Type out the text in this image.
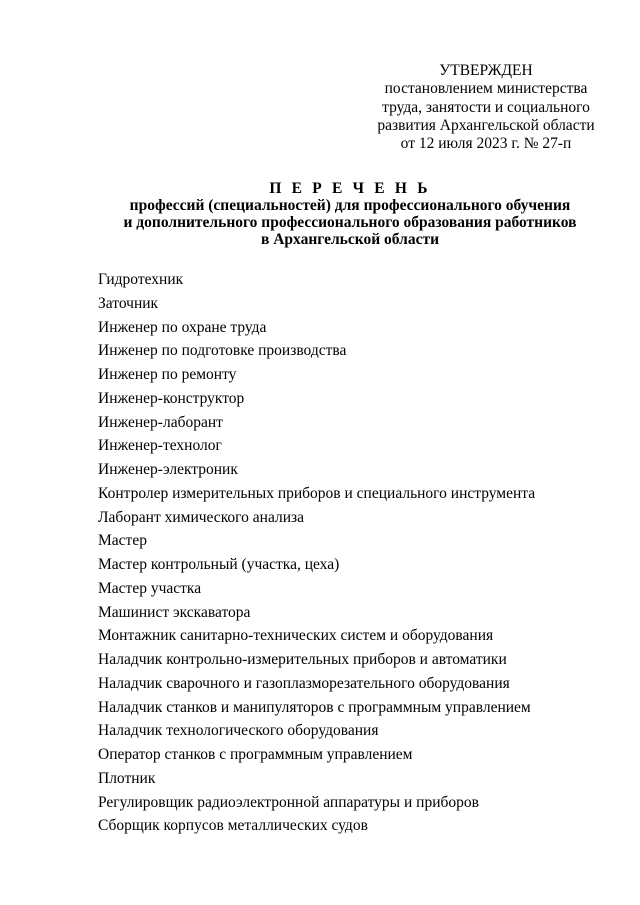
УТВЕРЖДЕН
постановлением министерства
труда, занятости и социального
развития Архангельской области
от 12 июля 2023 г. № 27-п
П Е Р Е Ч Е Н Ь
профессий (специальностей) для профессионального обучения
и дополнительного профессионального образования работников
в Архангельской области
Гидротехник
Заточник
Инженер по охране труда
Инженер по подготовке производства
Инженер по ремонту
Инженер-конструктор
Инженер-лаборант
Инженер-технолог
Инженер-электроник
Контролер измерительных приборов и специального инструмента
Лаборант химического анализа
Мастер
Мастер контрольный (участка, цеха)
Мастер участка
Машинист экскаватора
Монтажник санитарно-технических систем и оборудования
Наладчик контрольно-измерительных приборов и автоматики
Наладчик сварочного и газоплазморезательного оборудования
Наладчик станков и манипуляторов с программным управлением
Наладчик технологического оборудования
Оператор станков с программным управлением
Плотник
Регулировщик радиоэлектронной аппаратуры и приборов
Сборщик корпусов металлических судов
